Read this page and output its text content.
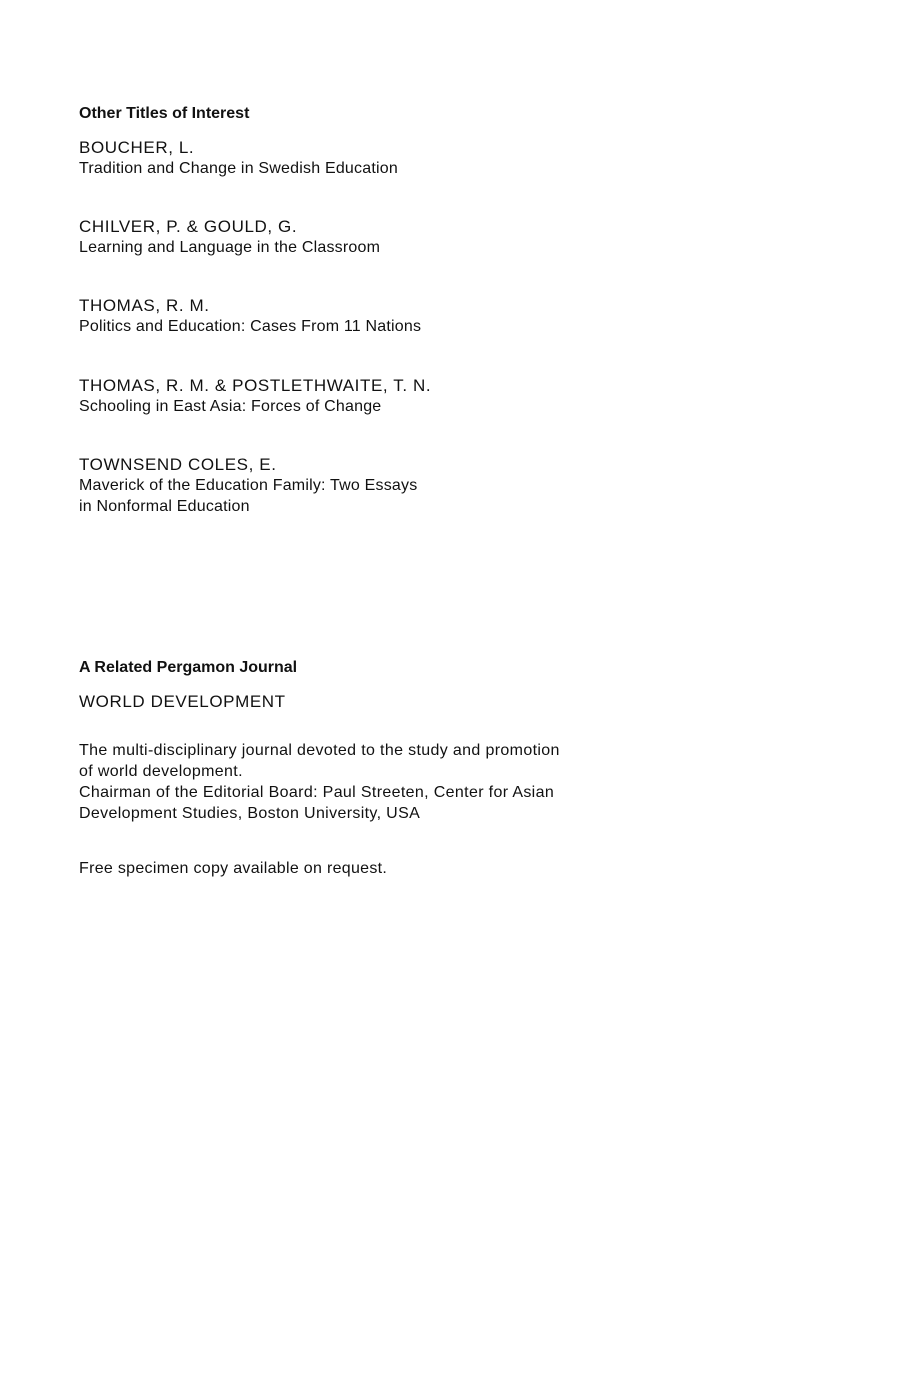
Other Titles of Interest
BOUCHER, L.
Tradition and Change in Swedish Education
CHILVER, P. & GOULD, G.
Learning and Language in the Classroom
THOMAS, R. M.
Politics and Education: Cases From 11 Nations
THOMAS, R. M. & POSTLETHWAITE, T. N.
Schooling in East Asia: Forces of Change
TOWNSEND COLES, E.
Maverick of the Education Family: Two Essays
in Nonformal Education
A Related Pergamon Journal
WORLD DEVELOPMENT
The multi-disciplinary journal devoted to the study and promotion
of world development.
Chairman of the Editorial Board: Paul Streeten, Center for Asian
Development Studies, Boston University, USA
Free specimen copy available on request.
